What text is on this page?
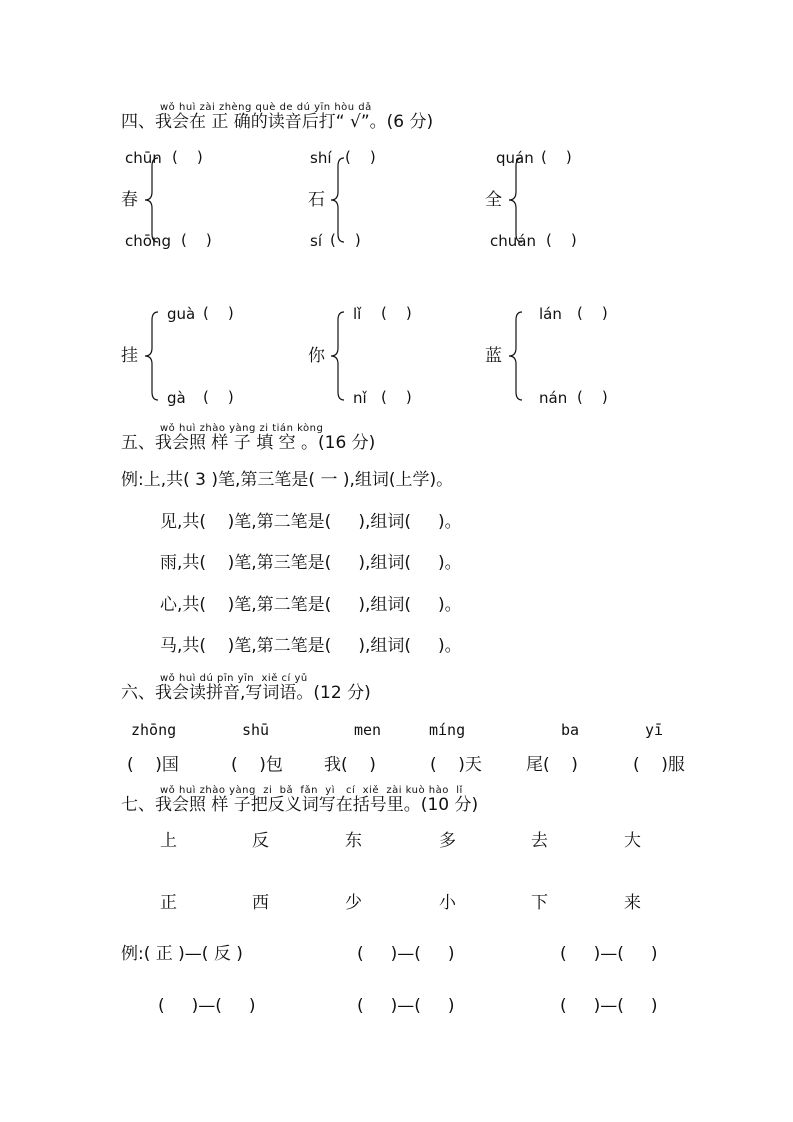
wǒ huì zài zhèng què de dú yīn hòu dǎ
四、我会在 正 确的读音后打“ √”。(6 分)
chūn (    )
春
chōng (    )
shí (    )
石
sí (    )
quán (    )
全
chuán (    )
guà (    )
挂
gà (    )
lǐ (    )
你
nǐ (    )
lán (    )
蓝
nán (    )
wǒ huì zhào yàng zi tián kòng
五、我会照 样 子 填 空 。(16 分)
例:上,共( 3 )笔,第三笔是( 一 ),组词(上学)。
见,共(    )笔,第二笔是(     ),组词(     )。
雨,共(    )笔,第三笔是(     ),组词(     )。
心,共(    )笔,第二笔是(     ),组词(     )。
马,共(    )笔,第二笔是(     ),组词(     )。
wǒ huì dú pīn yīn  xiě cí yǔ
六、我会读拼音,写词语。(12 分)
zhōng	shū	men	míng	ba	yī
(    )国	(    )包 我(    )	(    )天	尾(    )	(    )服
wǒ huì zhào yàng  zi  bǎ  fǎn  yì   cí  xiě  zài kuò hào  lǐ
七、我会照 样 子把反义词写在括号里。(10 分)
上	反	东	多	去	大
正	西	少	小	下	来
例:( 正 )—( 反 )	(     )—(     )	(     )—(     )
(     )—(     )	(     )—(     )	(     )—(     )
